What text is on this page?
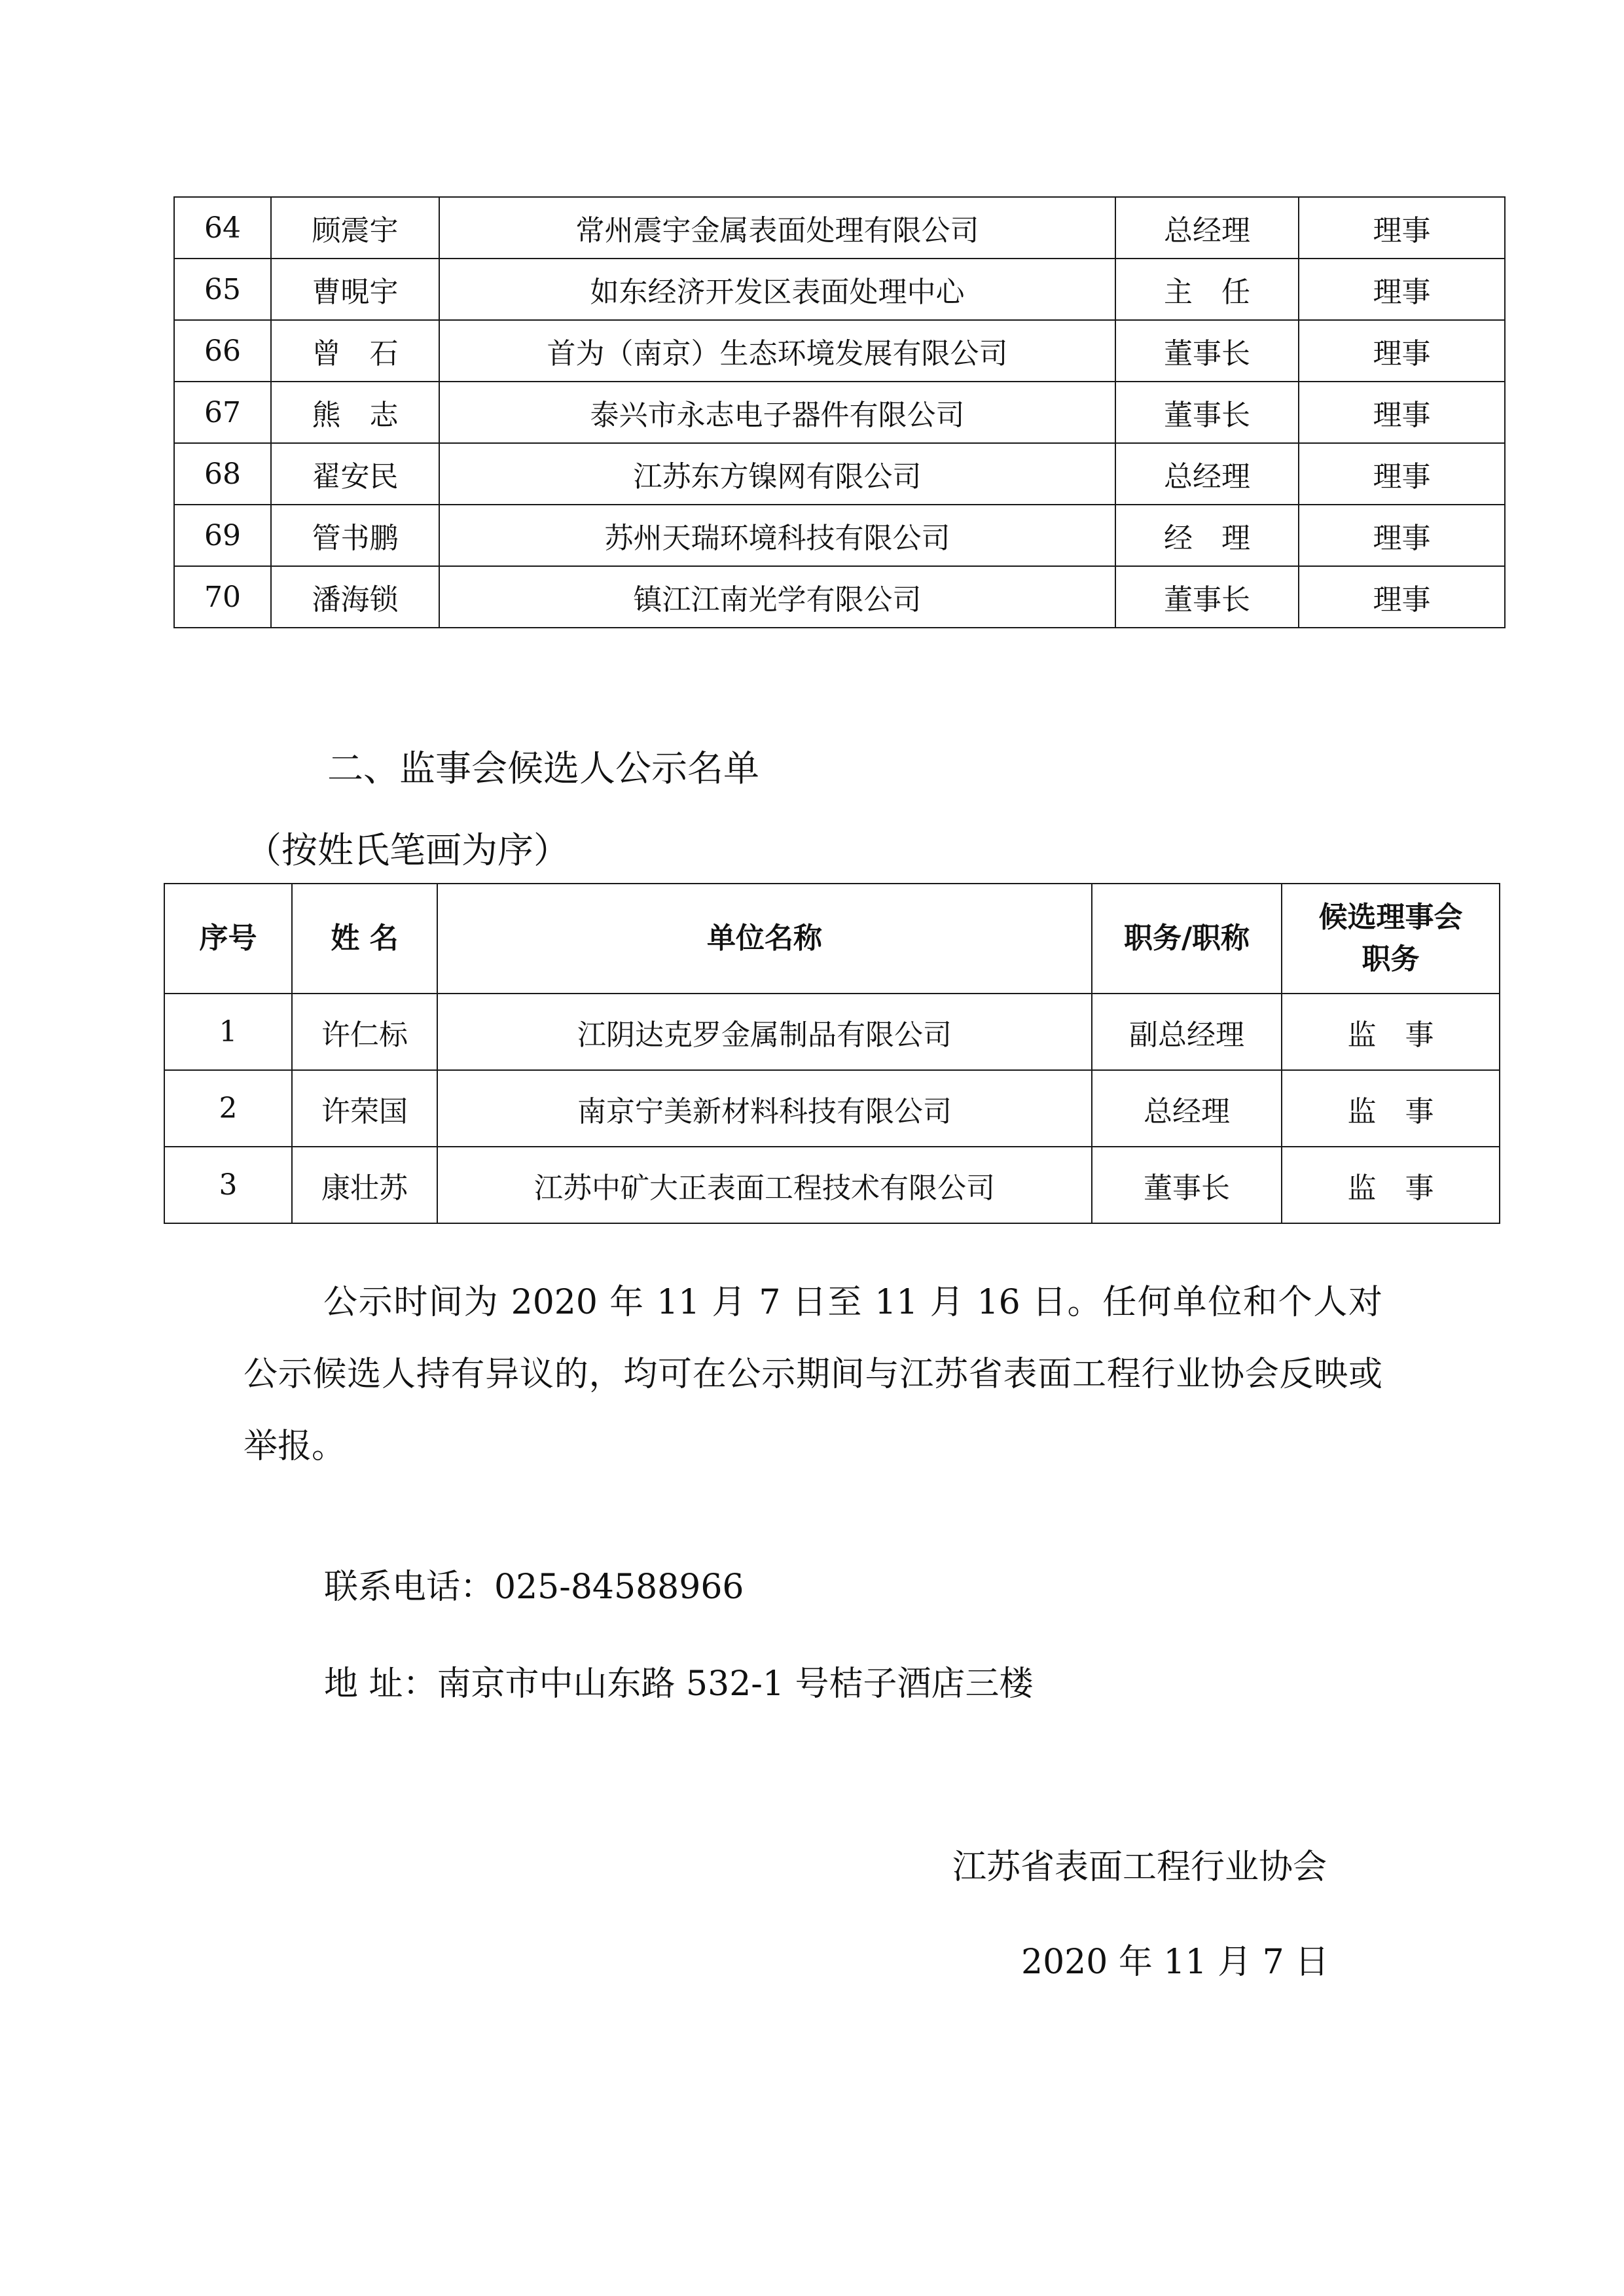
64	顾震宇	常州震宇金属表面处理有限公司	总经理	理事
65	曹晛宇	如东经济开发区表面处理中心	主　任	理事
66	曾　石	首为（南京）生态环境发展有限公司	董事长	理事
67	熊　志	泰兴市永志电子器件有限公司	董事长	理事
68	翟安民	江苏东方镍网有限公司	总经理	理事
69	管书鹏	苏州天瑞环境科技有限公司	经　理	理事
70	潘海锁	镇江江南光学有限公司	董事长	理事
二、监事会候选人公示名单
（按姓氏笔画为序）
序号	姓 名	单位名称	职务/职称	候选理事会
职务

1	许仁标	江阴达克罗金属制品有限公司	副总经理	监　事
2	许荣国	南京宁美新材料科技有限公司	总经理	监　事
3	康壮苏	江苏中矿大正表面工程技术有限公司	董事长	监　事
公示时间为 2020 年 11 月 7 日至 11 月 16 日。任何单位和个人对公示候选人持有异议的，均可在公示期间与江苏省表面工程行业协会反映或举报。
联系电话：025-84588966
地 址：南京市中山东路 532-1 号桔子酒店三楼
江苏省表面工程行业协会
2020 年 11 月 7 日
